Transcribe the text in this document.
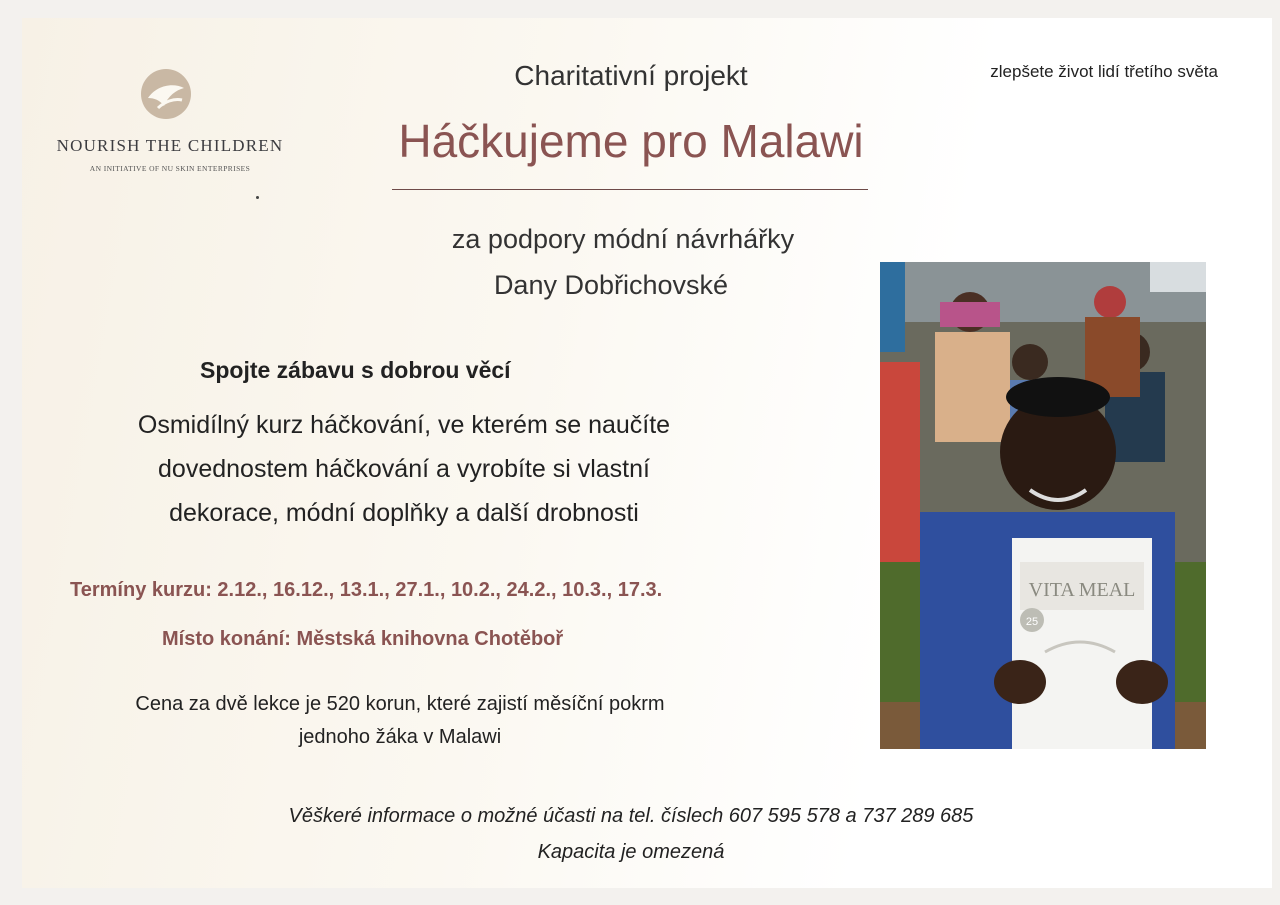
NOURISH THE CHILDREN
AN INITIATIVE OF NU SKIN ENTERPRISES
zlepšete život lidí třetího světa
Charitativní projekt
Háčkujeme pro Malawi
za podpory módní návrhářky
Dany Dobřichovské
Spojte zábavu s dobrou věcí
Osmidílný kurz háčkování, ve kterém se naučíte
dovednostem háčkování a vyrobíte si vlastní
dekorace, módní doplňky a další drobnosti
Termíny kurzu: 2.12., 16.12., 13.1., 27.1., 10.2., 24.2., 10.3., 17.3.
Místo konání: Městská knihovna Chotěboř
Cena za dvě lekce je 520 korun, které zajistí měsíční pokrm
jednoho žáka v Malawi
VITA MEAL
25
Věškeré informace o možné účasti na tel. číslech 607 595 578 a 737 289 685
Kapacita je omezená
